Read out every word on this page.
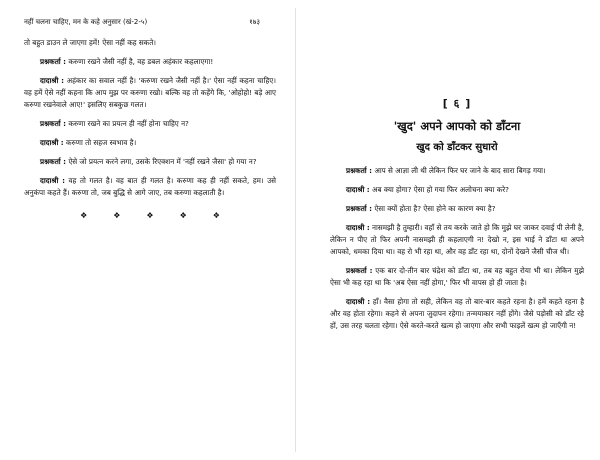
नहीं चलना चाहिए, मन के कहे अनुसार (खं-2-५)	१७३

तो बहुत डाउन ले जाएगा हमें! ऐसा नहीं कह सकते।

प्रश्नकर्ता : करुणा रखने जैसी नहीं है, वह डबल अहंकार कहलाएगा!

दादाश्री : अहंकार का सवाल नहीं है। 'करुणा रखने जैसी नहीं है।' ऐसा नहीं कहना चाहिए। वह हमें ऐसे नहीं कहना कि आप मुझ पर करुणा रखो। बल्कि वह तो कहेंगे कि, 'ओहोहो! बड़े आए करुणा रखनेवाले आए!' इसलिए सबकुछ गलत।

प्रश्नकर्ता : करुणा रखने का प्रयत्न ही नहीं होना चाहिए न?

दादाश्री : करुणा तो सहज स्वभाव है।

प्रश्नकर्ता : ऐसे जो प्रयत्न करने लगा, उसके रिएक्शन में 'नहीं रखने जैसा' हो गया न?

दादाश्री : वह तो गलत है। वह बात ही गलत है। करुणा कह ही नहीं सकते, हम। उसे अनुकंपा कहते हैं। करुणा तो, जब बुद्धि से आगे जाए, तब करुणा कहलाती है।

❖	❖	❖	❖	❖
[ ६ ]
'खुद' अपने आपको को डाँटना
खुद को डाँटकर सुधारो

प्रश्नकर्ता : आप से आज्ञा ली थी लेकिन फिर घर जाने के बाद सारा बिगड़ गया।

दादाश्री : अब क्या होगा? ऐसा हो गया फिर अलोचना क्या करे?

प्रश्नकर्ता : ऐसा क्यों होता है? ऐसा होने का कारण क्या है?

दादाश्री : नासमझी है तुम्हारी। वहाँ से तय करके जाते हो कि मुझे घर जाकर दवाई पी लेनी है, लेकिन न पीए तो फिर अपनी नासमझी ही कहलाएगी न! देखो न, इस भाई ने डाँटा था अपने आपको, धमका दिया था। वह रो भी रहा था, और वह डाँट रहा था, दोनों देखने जैसी चीज थी।

प्रश्नकर्ता : एक बार दो-तीन बार चंद्रेश को डाँटा था, तब वह बहुत रोया भी था। लेकिन मुझे ऐसा भी कह रहा था कि 'अब ऐसा नहीं होगा,' फिर भी वापस हो ही जाता है।

दादाश्री : हाँ। वैसा होगा तो सही, लेकिन वह तो बार-बार कहते रहना है। हमें कहते रहना है और वह होता रहेगा। कहने से अपना जुदापन रहेगा। तन्मयाकार नहीं होंगे। जैसे पड़ोसी को डाँट रहे हों, उस तरह चलता रहेगा। ऐसे करते-करते खत्म हो जाएगा और सभी फाइलें खत्म हो जाएँगी न!
